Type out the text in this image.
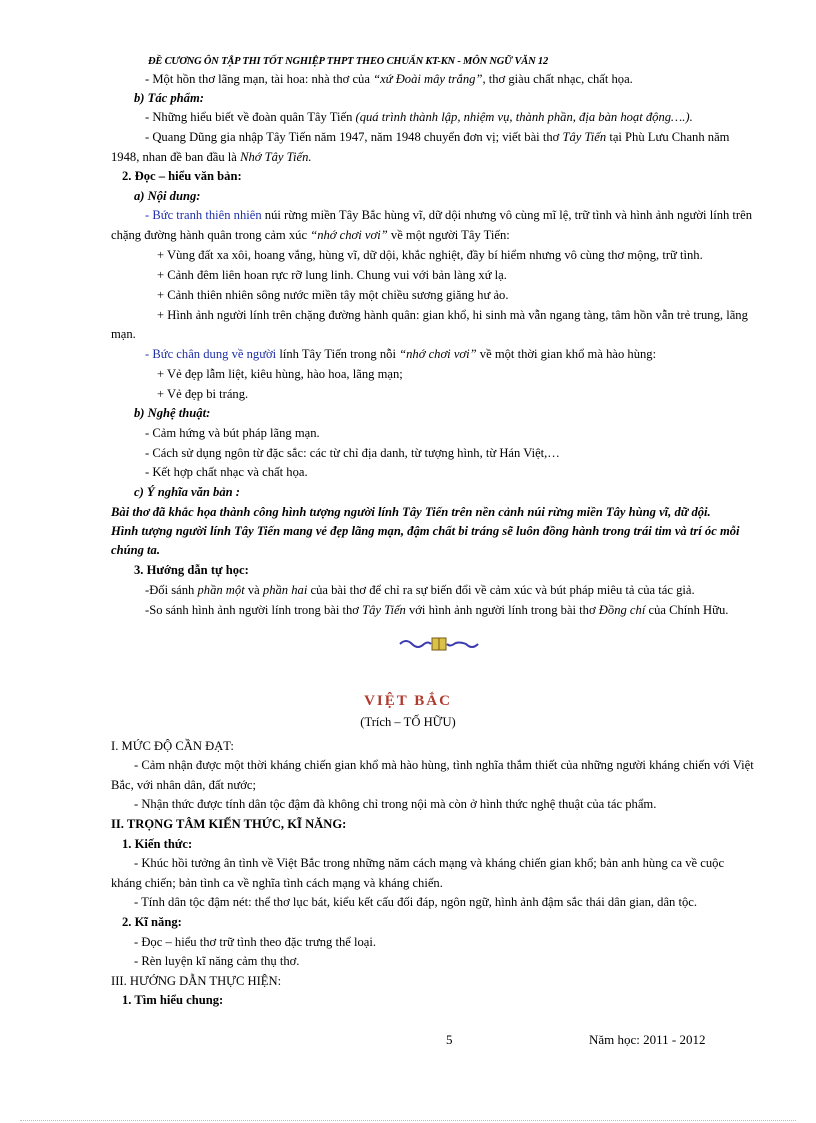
ĐỀ CƯƠNG ÔN TẬP THI TỐT NGHIỆP THPT THEO CHUẨN KT-KN - MÔN NGỮ VĂN 12
- Một hồn thơ lãng mạn, tài hoa: nhà thơ của “xứ Đoài mây trắng”, thơ giàu chất nhạc, chất họa.
b) Tác phẩm:
- Những hiểu biết về đoàn quân Tây Tiến (quá trình thành lập, nhiệm vụ, thành phần, địa bàn hoạt động….).
- Quang Dũng gia nhập Tây Tiến năm 1947, năm 1948 chuyển đơn vị; viết bài thơ Tây Tiến tại Phù Lưu Chanh năm
1948, nhan đề ban đầu là Nhớ Tây Tiến.
2. Đọc – hiểu văn bản:
a) Nội dung:
- Bức tranh thiên nhiên núi rừng miền Tây Bắc hùng vĩ, dữ dội nhưng vô cùng mĩ lệ, trữ tình và hình ảnh người lính trên
chặng đường hành quân trong cảm xúc “nhớ chơi vơi” về một người Tây Tiến:
+ Vùng đất xa xôi, hoang vắng, hùng vĩ, dữ dội, khắc nghiệt, đầy bí hiểm nhưng vô cùng thơ mộng, trữ tình.
+ Cảnh đêm liên hoan rực rỡ lung linh. Chung vui với bản làng xứ lạ.
+ Cảnh thiên nhiên sông nước miền tây một chiều sương giăng hư ảo.
+ Hình ảnh người lính trên chặng đường hành quân: gian khổ, hi sinh mà vẫn ngang tàng, tâm hồn vẫn trẻ trung, lãng
mạn.
- Bức chân dung về người lính Tây Tiến trong nỗi “nhớ chơi vơi” về một thời gian khổ mà hào hùng:
+ Vẻ đẹp lẫm liệt, kiêu hùng, hào hoa, lãng mạn;
+ Vẻ đẹp bi tráng.
b) Nghệ thuật:
- Cảm hứng và bút pháp lãng mạn.
- Cách sử dụng ngôn từ đặc sắc: các từ chỉ địa danh, từ tượng hình, từ Hán Việt,…
- Kết hợp chất nhạc và chất họa.
c) Ý nghĩa văn bản :
Bài thơ đã khắc họa thành công hình tượng người lính Tây Tiến trên nền cảnh núi rừng miền Tây hùng vĩ, dữ dội.
Hình tượng người lính Tây Tiến mang vẻ đẹp lãng mạn, đậm chất bi tráng sẽ luôn đồng hành trong trái tim và trí óc mỗi
chúng ta.
3. Hướng dẫn tự học:
-Đối sánh phần một và phần hai của bài thơ để chỉ ra sự biến đổi về cảm xúc và bút pháp miêu tả của tác giả.
-So sánh hình ảnh người lính trong bài thơ Tây Tiến với hình ảnh người lính trong bài thơ Đồng chí của Chính Hữu.
VIỆT BẮC
(Trích – TỐ HỮU)
I. MỨC ĐỘ CẦN ĐẠT:
- Cảm nhận được một thời kháng chiến gian khổ mà hào hùng, tình nghĩa thắm thiết của những người kháng chiến với Việt
Bắc, với nhân dân, đất nước;
- Nhận thức được tính dân tộc đậm đà không chỉ trong nội mà còn ở hình thức nghệ thuật của tác phẩm.
II. TRỌNG TÂM KIẾN THỨC, KĨ NĂNG:
1. Kiến thức:
- Khúc hồi tưởng ân tình về Việt Bắc trong những năm cách mạng và kháng chiến gian khổ; bản anh hùng ca về cuộc
kháng chiến; bản tình ca về nghĩa tình cách mạng và kháng chiến.
- Tính dân tộc đậm nét: thể thơ lục bát, kiểu kết cấu đối đáp, ngôn ngữ, hình ảnh đậm sắc thái dân gian, dân tộc.
2. Kĩ năng:
- Đọc – hiểu thơ trữ tình theo đặc trưng thể loại.
- Rèn luyện kĩ năng cảm thụ thơ.
III. HƯỚNG DẪN THỰC HIỆN:
1. Tìm hiểu chung:
5	Năm học: 2011 - 2012
